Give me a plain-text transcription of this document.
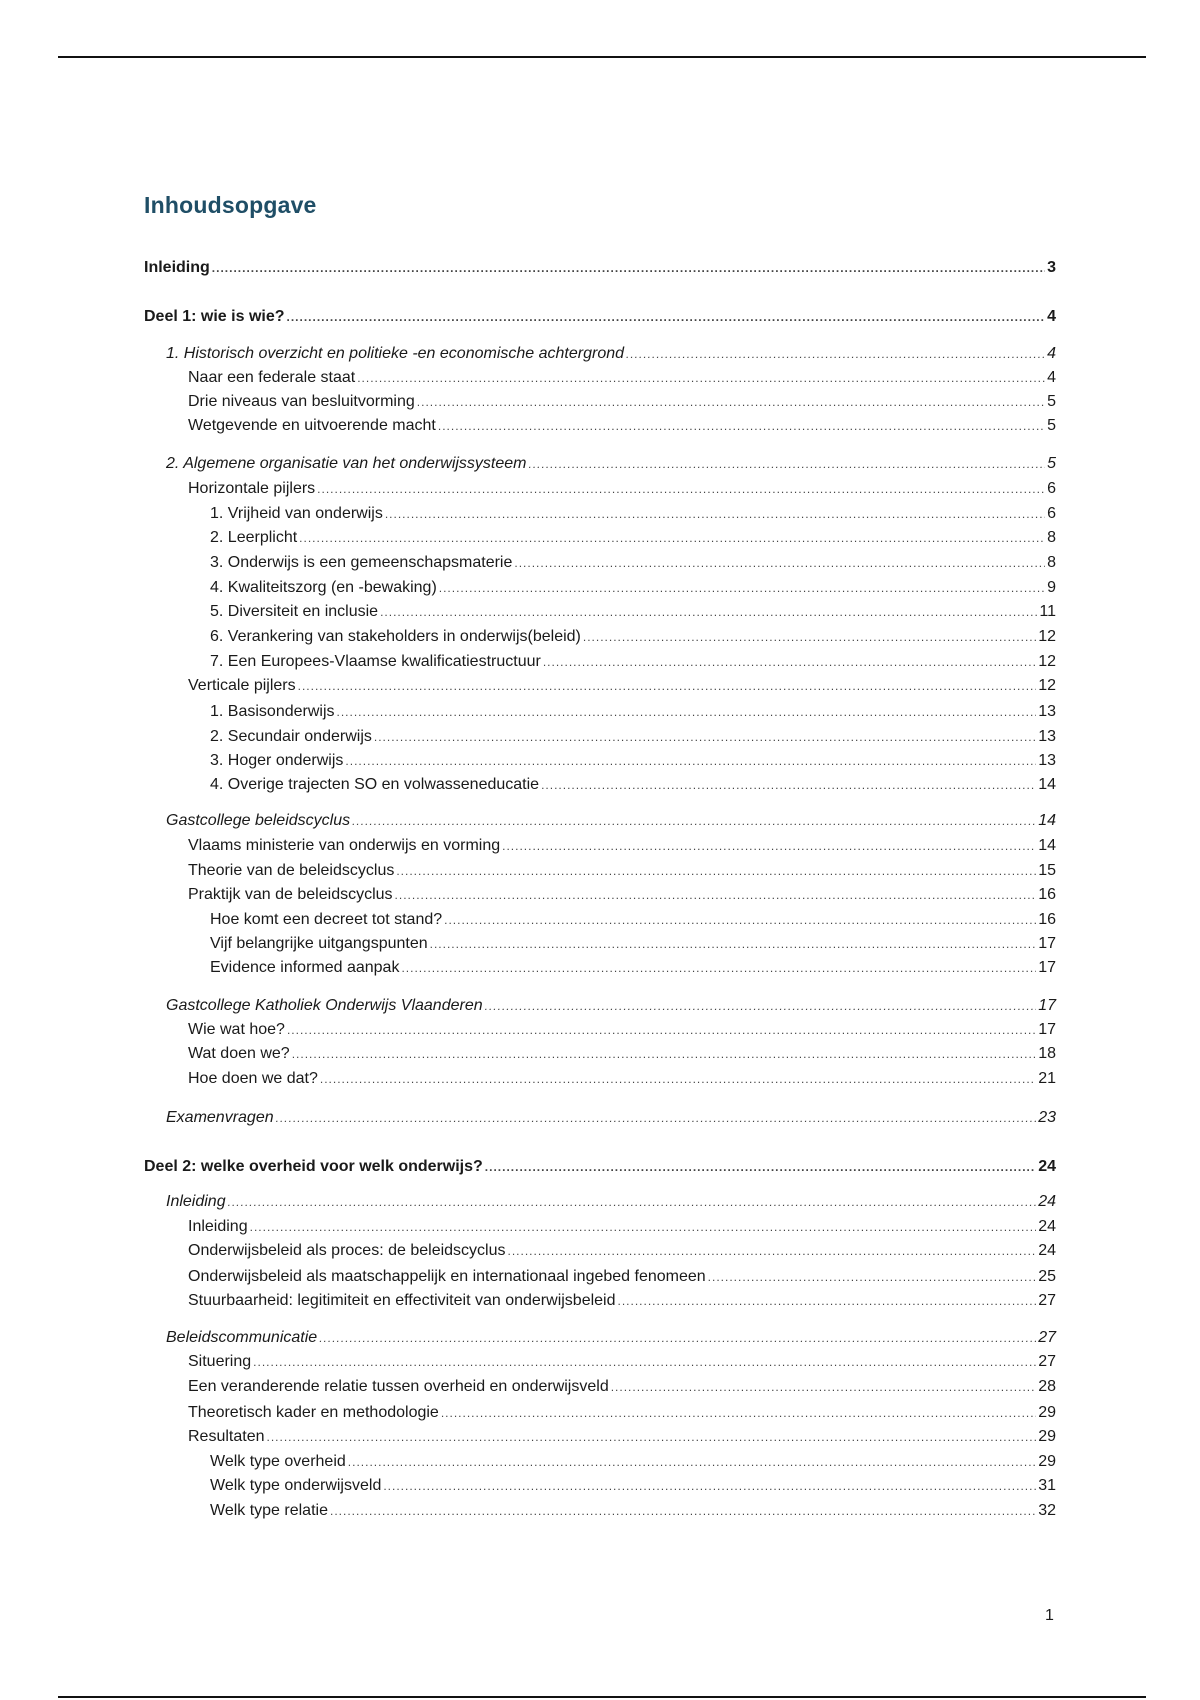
Inhoudsopgave
Inleiding .....	3
Deel 1: wie is wie? .....	4
1. Historisch overzicht en politieke -en economische achtergrond .....	4
Naar een federale staat .....	4
Drie niveaus van besluitvorming .....	5
Wetgevende en uitvoerende macht .....	5
2. Algemene organisatie van het onderwijssysteem .....	5
Horizontale pijlers .....	6
1. Vrijheid van onderwijs .....	6
2. Leerplicht .....	8
3. Onderwijs is een gemeenschapsmaterie .....	8
4. Kwaliteitszorg (en -bewaking) .....	9
5. Diversiteit en inclusie .....	11
6. Verankering van stakeholders in onderwijs(beleid) .....	12
7. Een Europees-Vlaamse kwalificatiestructuur .....	12
Verticale pijlers .....	12
1. Basisonderwijs .....	13
2. Secundair onderwijs .....	13
3. Hoger onderwijs .....	13
4. Overige trajecten SO en volwasseneducatie .....	14
Gastcollege beleidscyclus .....	14
Vlaams ministerie van onderwijs en vorming .....	14
Theorie van de beleidscyclus .....	15
Praktijk van de beleidscyclus .....	16
Hoe komt een decreet tot stand? .....	16
Vijf belangrijke uitgangspunten .....	17
Evidence informed aanpak .....	17
Gastcollege Katholiek Onderwijs Vlaanderen .....	17
Wie wat hoe? .....	17
Wat doen we? .....	18
Hoe doen we dat? .....	21
Examenvragen .....	23
Deel 2: welke overheid voor welk onderwijs? .....	24
Inleiding .....	24
Inleiding .....	24
Onderwijsbeleid als proces: de beleidscyclus .....	24
Onderwijsbeleid als maatschappelijk en internationaal ingebed fenomeen .....	25
Stuurbaarheid: legitimiteit en effectiviteit van onderwijsbeleid .....	27
Beleidscommunicatie .....	27
Situering .....	27
Een veranderende relatie tussen overheid en onderwijsveld .....	28
Theoretisch kader en methodologie .....	29
Resultaten .....	29
Welk type overheid .....	29
Welk type onderwijsveld .....	31
Welk type relatie .....	32
1
